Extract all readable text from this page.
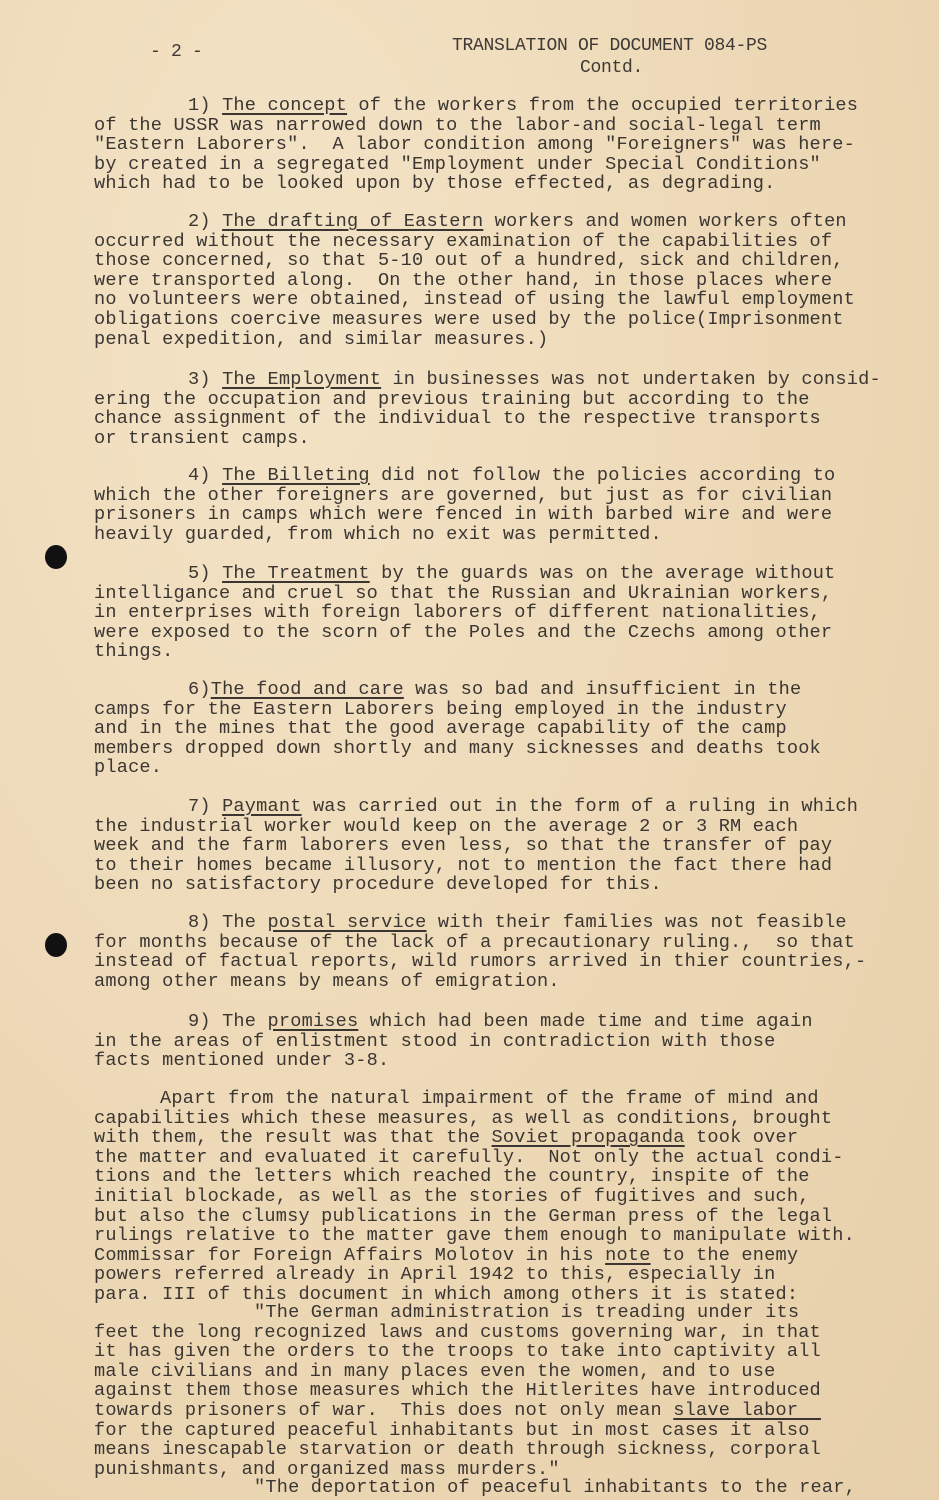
- 2 -	TRANSLATION OF DOCUMENT 084-PS
Contd.
1) The concept of the workers from the occupied territories
of the USSR was narrowed down to the labor-and social-legal term
"Eastern Laborers".  A labor condition among "Foreigners" was here-
by created in a segregated "Employment under Special Conditions"
which had to be looked upon by those effected, as degrading.
2) The drafting of Eastern workers and women workers often
occurred without the necessary examination of the capabilities of
those concerned, so that 5-10 out of a hundred, sick and children,
were transported along.  On the other hand, in those places where
no volunteers were obtained, instead of using the lawful employment
obligations coercive measures were used by the police(Imprisonment
penal expedition, and similar measures.)
3) The Employment in businesses was not undertaken by consid-
ering the occupation and previous training but according to the
chance assignment of the individual to the respective transports
or transient camps.
4) The Billeting did not follow the policies according to
which the other foreigners are governed, but just as for civilian
prisoners in camps which were fenced in with barbed wire and were
heavily guarded, from which no exit was permitted.
5) The Treatment by the guards was on the average without
intelligance and cruel so that the Russian and Ukrainian workers,
in enterprises with foreign laborers of different nationalities,
were exposed to the scorn of the Poles and the Czechs among other
things.
6)The food and care was so bad and insufficient in the
camps for the Eastern Laborers being employed in the industry
and in the mines that the good average capability of the camp
members dropped down shortly and many sicknesses and deaths took
place.
7) Paymant was carried out in the form of a ruling in which
the industrial worker would keep on the average 2 or 3 RM each
week and the farm laborers even less, so that the transfer of pay
to their homes became illusory, not to mention the fact there had
been no satisfactory procedure developed for this.
8) The postal service with their families was not feasible
for months because of the lack of a precautionary ruling.,  so that
instead of factual reports, wild rumors arrived in thier countries,-
among other means by means of emigration.
9) The promises which had been made time and time again
in the areas of enlistment stood in contradiction with those
facts mentioned under 3-8.
Apart from the natural impairment of the frame of mind and
capabilities which these measures, as well as conditions, brought
with them, the result was that the Soviet propaganda took over
the matter and evaluated it carefully.  Not only the actual condi-
tions and the letters which reached the country, inspite of the
initial blockade, as well as the stories of fugitives and such,
but also the clumsy publications in the German press of the legal
rulings relative to the matter gave them enough to manipulate with.
Commissar for Foreign Affairs Molotov in his note to the enemy
powers referred already in April 1942 to this, especially in
para. III of this document in which among others it is stated:
"The German administration is treading under its
feet the long recognized laws and customs governing war, in that
it has given the orders to the troops to take into captivity all
male civilians and in many places even the women, and to use
against them those measures which the Hitlerites have introduced
towards prisoners of war.  This does not only mean slave labor
for the captured peaceful inhabitants but in most cases it also
means inescapable starvation or death through sickness, corporal
punishmants, and organized mass murders."
"The deportation of peaceful inhabitants to the rear,
